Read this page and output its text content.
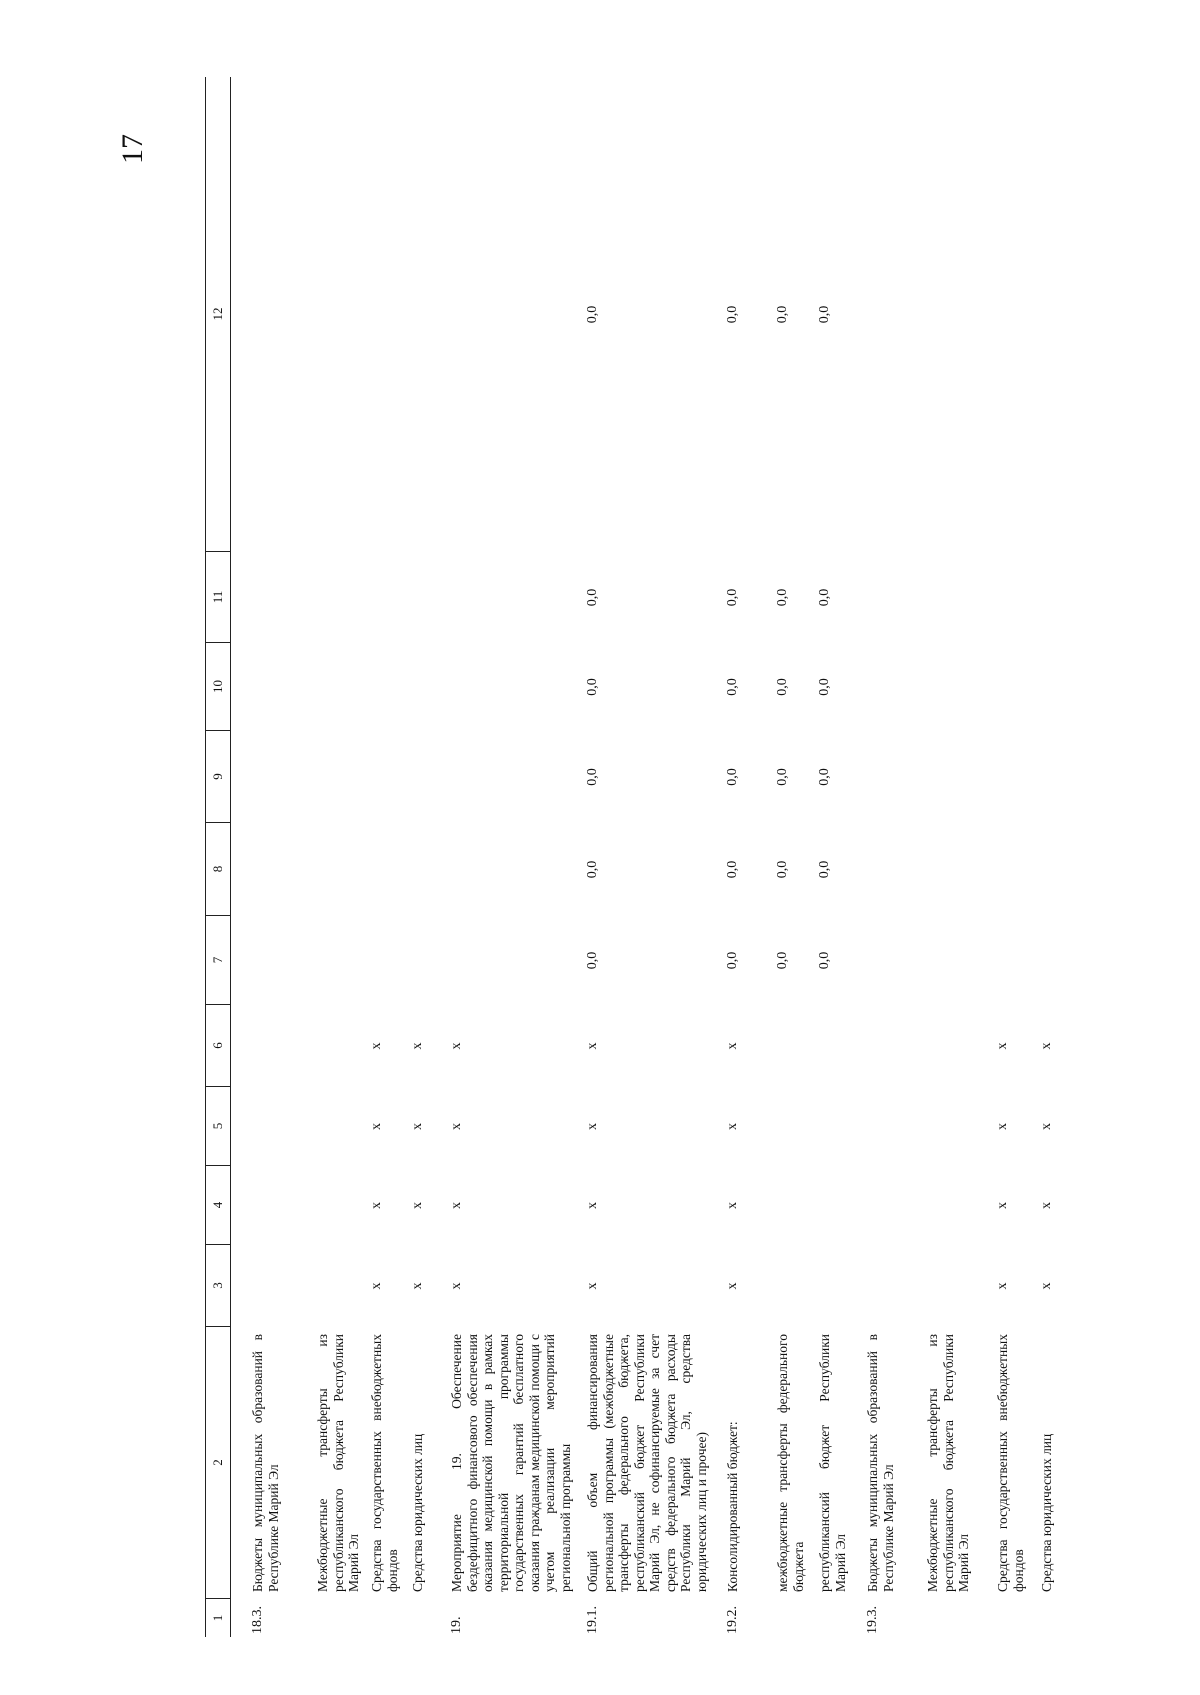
17
1
2
3
4
5
6
7
8
9
10
11
12
18.3.
Бюджеты муниципальных образований в Республике Марий Эл	Межбюджетные трансферты из республиканского бюджета Республики Марий Эл Средства государственных внебюджетных фондов
x
x
x
x
Средства юридических лиц
x
x
x
x
19.
Мероприятие 19. Обеспечение бездефицитного финансового обеспечения оказания медицинской помощи в рамках территориальной программы государственных гарантий бесплатного оказания гражданам медицинской помощи с учетом реализации мероприятий региональной программы
x
x
x
x
19.1.
Общий объем финансирования региональной программы (межбюджетные трансферты федерального бюджета, республиканский бюджет Республики Марий Эл, не софинансируемые за счет средств федерального бюджета расходы Республики Марий Эл, средства юридических лиц и прочее)
x
x
x
x
0,0
0,0
0,0
0,0
0,0
0,0
19.2.
Консолидированный бюджет:
x
x
x
x
0,0
0,0
0,0
0,0
0,0
0,0
межбюджетные трансферты федерального бюджета
0,0
0,0
0,0
0,0
0,0
0,0
республиканский бюджет Республики Марий Эл
0,0
0,0
0,0
0,0
0,0
0,0
19.3.
Бюджеты муниципальных образований в Республике Марий Эл Межбюджетные трансферты из республиканского бюджета Республики Марий Эл Средства государственных внебюджетных фондов
x
x
x
x
Средства юридических лиц
x
x
x
x
